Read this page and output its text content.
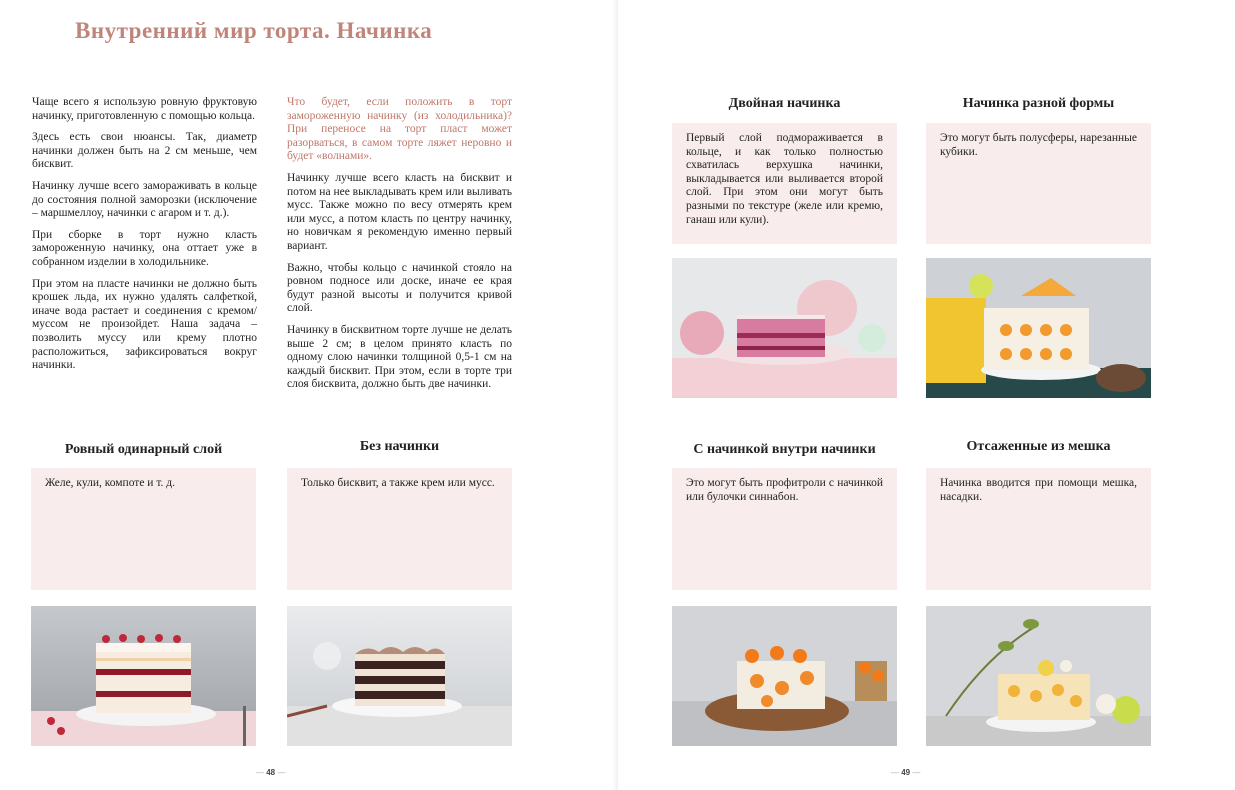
Внутренний мир торта. Начинка

Чаще всего я использую ровную фруктовую начинку, приготовленную с помощью кольца.

Здесь есть свои нюансы. Так, диаметр начинки должен быть на 2 см меньше, чем бисквит.

Начинку лучше всего замораживать в кольце до состояния полной заморозки (исключение – маршмеллоу, начинки с агаром и т. д.).

При сборке в торт нужно класть замороженную начинку, она оттает уже в собранном изделии в холодильнике.

При этом на пласте начинки не должно быть крошек льда, их нужно удалять салфеткой, иначе вода растает и соединения с кремом/муссом не произойдет. Наша задача – позволить муссу или крему плотно расположиться, зафиксироваться вокруг начинки.

Что будет, если положить в торт замороженную начинку (из холодильника)? При переносе на торт пласт может разорваться, в самом торте ляжет неровно и будет «волнами».

Начинку лучше всего класть на бисквит и потом на нее выкладывать крем или выливать мусс. Также можно по весу отмерять крем или мусс, а потом класть по центру начинку, но новичкам я рекомендую именно первый вариант.

Важно, чтобы кольцо с начинкой стояло на ровном подносе или доске, иначе ее края будут разной высоты и получится кривой слой.

Начинку в бисквитном торте лучше не делать выше 2 см; в целом принято класть по одному слою начинки толщиной 0,5-1 см на каждый бисквит. При этом, если в торте три слоя бисквита, должно быть две начинки.

Ровный одинарный слой
Желе, кули, компоте и т. д.
Без начинки
Только бисквит, а также крем или мусс.
— 48 —
Двойная начинка
Первый слой подмораживается в кольце, и как только полностью схватилась верхушка начинки, выкладывается или выливается второй слой. При этом они могут быть разными по текстуре (желе или кремю, ганаш или кули).
Начинка разной формы
Это могут быть полусферы, нарезанные кубики.
С начинкой внутри начинки
Это могут быть профитроли с начинкой или булочки синнабон.
Отсаженные из мешка
Начинка вводится при помощи мешка, насадки.
— 49 —
